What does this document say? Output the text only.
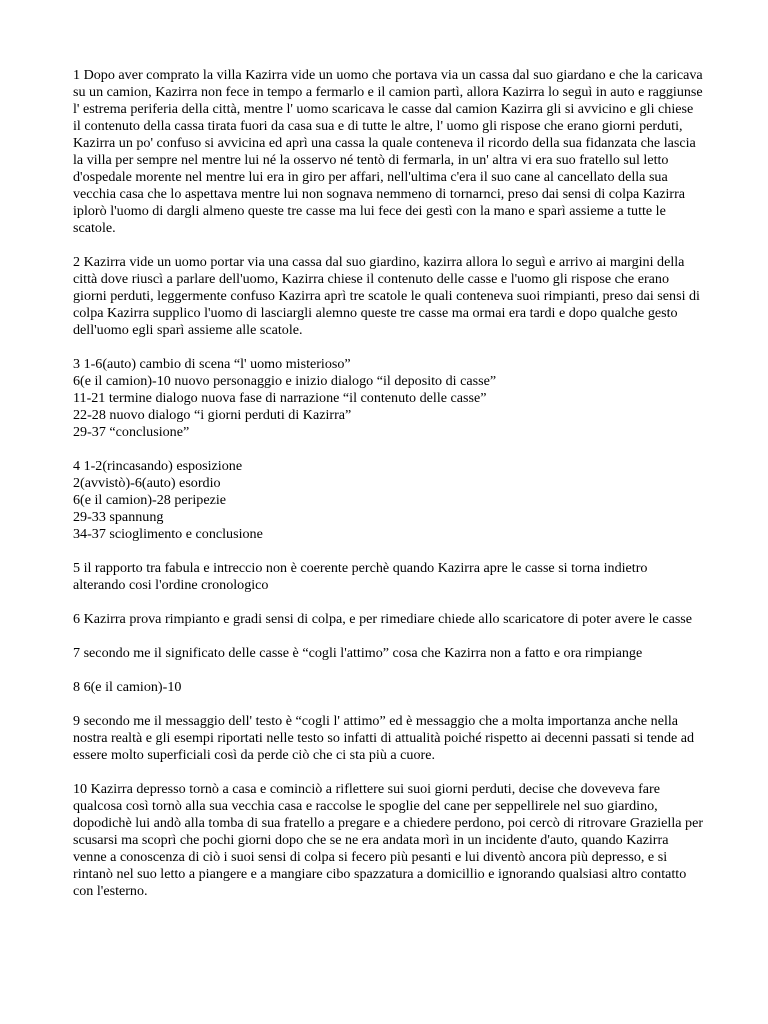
1 Dopo aver comprato la villa Kazirra vide un uomo che portava via un cassa dal suo giardano e che la caricava su un camion, Kazirra non fece in tempo a fermarlo e il camion partì, allora Kazirra lo seguì in auto e raggiunse l' estrema periferia della città, mentre l' uomo scaricava le casse dal camion Kazirra gli si avvicino e gli chiese il contenuto della cassa tirata fuori da casa sua e di tutte le altre, l' uomo gli rispose che erano giorni perduti, Kazirra un po' confuso si avvicina ed aprì una cassa la quale conteneva il ricordo della sua fidanzata che lascia la villa per sempre nel mentre lui né la osservo né tentò di fermarla, in un' altra vi era suo fratello sul letto d'ospedale morente nel mentre lui era in giro per affari, nell'ultima c'era il suo cane al cancellato della sua vecchia casa che lo aspettava mentre lui non sognava nemmeno di tornarnci, preso dai sensi di colpa Kazirra iplorò l'uomo di dargli almeno queste tre casse ma lui fece dei gestì con la mano e sparì assieme a tutte le scatole.

2 Kazirra vide un uomo portar via una cassa dal suo giardino, kazirra allora lo seguì e arrivo ai margini della città dove riuscì a parlare dell'uomo, Kazirra chiese il contenuto delle casse e l'uomo gli rispose che erano giorni perduti, leggermente confuso Kazirra aprì tre scatole le quali conteneva suoi rimpianti, preso dai sensi di colpa Kazirra supplico l'uomo di lasciargli alemno queste tre casse ma ormai era tardi e dopo qualche gesto dell'uomo egli sparì assieme alle scatole.

3 1-6(auto) cambio di scena “l' uomo misterioso”
6(e il camion)-10 nuovo personaggio e inizio dialogo “il deposito di casse”
11-21 termine dialogo nuova fase di narrazione “il contenuto delle casse”
22-28 nuovo dialogo “i giorni perduti di Kazirra”
29-37 “conclusione”
4 1-2(rincasando) esposizione
2(avvistò)-6(auto) esordio
6(e il camion)-28 peripezie
29-33 spannung
34-37 scioglimento e conclusione

5 il rapporto tra fabula e intreccio non è coerente perchè quando Kazirra apre le casse si torna indietro alterando cosi l'ordine cronologico

6 Kazirra prova rimpianto e gradi sensi di colpa, e per rimediare chiede allo scaricatore di poter avere le casse

7 secondo me il significato delle casse è “cogli l'attimo” cosa che Kazirra non a fatto e ora rimpiange

8 6(e il camion)-10

9 secondo me il messaggio dell' testo è “cogli l' attimo” ed è messaggio che a molta importanza anche nella nostra realtà e gli esempi riportati nelle testo so infatti di attualità poiché rispetto ai decenni passati si tende ad essere molto superficiali così da perde ciò che ci sta più a cuore.

10 Kazirra depresso tornò a casa e cominciò a riflettere sui suoi giorni perduti, decise che doveveva fare qualcosa così tornò alla sua vecchia casa e raccolse le spoglie del cane per seppellirele nel suo giardino, dopodichè lui andò alla tomba di sua fratello a pregare e a chiedere perdono, poi cercò di ritrovare Graziella per scusarsi ma scoprì che pochi giorni dopo che se ne era andata morì in un incidente d'auto, quando Kazirra venne a conoscenza di ciò i suoi sensi di colpa si fecero più pesanti e lui diventò ancora più depresso, e si rintanò nel suo letto a piangere e a mangiare cibo spazzatura a domicillio e ignorando qualsiasi altro contatto con l'esterno.
